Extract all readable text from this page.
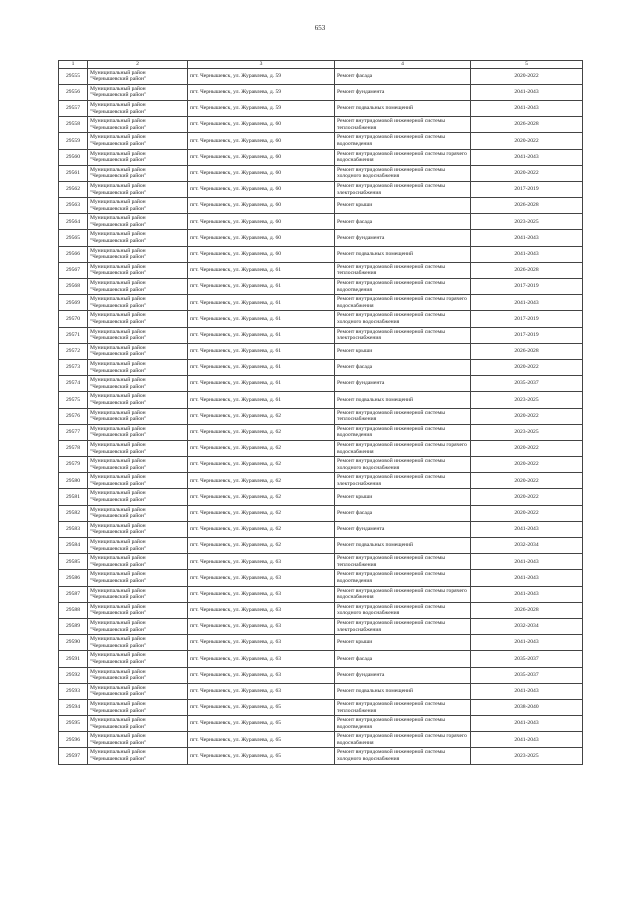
653
1	2	3	4	5
29555	Муниципальный район "Чернышевский район"	пгт. Чернышевск, ул. Журавлева, д. 59	Ремонт фасада	2020-2022
29556	Муниципальный район "Чернышевский район"	пгт. Чернышевск, ул. Журавлева, д. 59	Ремонт фундамента	2041-2043
29557	Муниципальный район "Чернышевский район"	пгт. Чернышевск, ул. Журавлева, д. 59	Ремонт подвальных помещений	2041-2043
29558	Муниципальный район "Чернышевский район"	пгт. Чернышевск, ул. Журавлева, д. 60	Ремонт внутридомовой инженерной системы теплоснабжения	2026-2028
29559	Муниципальный район "Чернышевский район"	пгт. Чернышевск, ул. Журавлева, д. 60	Ремонт внутридомовой инженерной системы водоотведения	2020-2022
29560	Муниципальный район "Чернышевский район"	пгт. Чернышевск, ул. Журавлева, д. 60	Ремонт внутридомовой инженерной системы горячего водоснабжения	2041-2043
29561	Муниципальный район "Чернышевский район"	пгт. Чернышевск, ул. Журавлева, д. 60	Ремонт внутридомовой инженерной системы холодного водоснабжения	2020-2022
29562	Муниципальный район "Чернышевский район"	пгт. Чернышевск, ул. Журавлева, д. 60	Ремонт внутридомовой инженерной системы электроснабжения	2017-2019
29563	Муниципальный район "Чернышевский район"	пгт. Чернышевск, ул. Журавлева, д. 60	Ремонт крыши	2026-2028
29564	Муниципальный район "Чернышевский район"	пгт. Чернышевск, ул. Журавлева, д. 60	Ремонт фасада	2023-2025
29565	Муниципальный район "Чернышевский район"	пгт. Чернышевск, ул. Журавлева, д. 60	Ремонт фундамента	2041-2043
29566	Муниципальный район "Чернышевский район"	пгт. Чернышевск, ул. Журавлева, д. 60	Ремонт подвальных помещений	2041-2043
29567	Муниципальный район "Чернышевский район"	пгт. Чернышевск, ул. Журавлева, д. 61	Ремонт внутридомовой инженерной системы теплоснабжения	2026-2028
29568	Муниципальный район "Чернышевский район"	пгт. Чернышевск, ул. Журавлева, д. 61	Ремонт внутридомовой инженерной системы водоотведения	2017-2019
29569	Муниципальный район "Чернышевский район"	пгт. Чернышевск, ул. Журавлева, д. 61	Ремонт внутридомовой инженерной системы горячего водоснабжения	2041-2043
29570	Муниципальный район "Чернышевский район"	пгт. Чернышевск, ул. Журавлева, д. 61	Ремонт внутридомовой инженерной системы холодного водоснабжения	2017-2019
29571	Муниципальный район "Чернышевский район"	пгт. Чернышевск, ул. Журавлева, д. 61	Ремонт внутридомовой инженерной системы электроснабжения	2017-2019
29572	Муниципальный район "Чернышевский район"	пгт. Чернышевск, ул. Журавлева, д. 61	Ремонт крыши	2026-2028
29573	Муниципальный район "Чернышевский район"	пгт. Чернышевск, ул. Журавлева, д. 61	Ремонт фасада	2020-2022
29574	Муниципальный район "Чернышевский район"	пгт. Чернышевск, ул. Журавлева, д. 61	Ремонт фундамента	2035-2037
29575	Муниципальный район "Чернышевский район"	пгт. Чернышевск, ул. Журавлева, д. 61	Ремонт подвальных помещений	2023-2025
29576	Муниципальный район "Чернышевский район"	пгт. Чернышевск, ул. Журавлева, д. 62	Ремонт внутридомовой инженерной системы теплоснабжения	2020-2022
29577	Муниципальный район "Чернышевский район"	пгт. Чернышевск, ул. Журавлева, д. 62	Ремонт внутридомовой инженерной системы водоотведения	2023-2025
29578	Муниципальный район "Чернышевский район"	пгт. Чернышевск, ул. Журавлева, д. 62	Ремонт внутридомовой инженерной системы горячего водоснабжения	2020-2022
29579	Муниципальный район "Чернышевский район"	пгт. Чернышевск, ул. Журавлева, д. 62	Ремонт внутридомовой инженерной системы холодного водоснабжения	2020-2022
29580	Муниципальный район "Чернышевский район"	пгт. Чернышевск, ул. Журавлева, д. 62	Ремонт внутридомовой инженерной системы электроснабжения	2020-2022
29581	Муниципальный район "Чернышевский район"	пгт. Чернышевск, ул. Журавлева, д. 62	Ремонт крыши	2020-2022
29582	Муниципальный район "Чернышевский район"	пгт. Чернышевск, ул. Журавлева, д. 62	Ремонт фасада	2020-2022
29583	Муниципальный район "Чернышевский район"	пгт. Чернышевск, ул. Журавлева, д. 62	Ремонт фундамента	2041-2043
29584	Муниципальный район "Чернышевский район"	пгт. Чернышевск, ул. Журавлева, д. 62	Ремонт подвальных помещений	2032-2034
29585	Муниципальный район "Чернышевский район"	пгт. Чернышевск, ул. Журавлева, д. 63	Ремонт внутридомовой инженерной системы теплоснабжения	2041-2043
29586	Муниципальный район "Чернышевский район"	пгт. Чернышевск, ул. Журавлева, д. 63	Ремонт внутридомовой инженерной системы водоотведения	2041-2043
29587	Муниципальный район "Чернышевский район"	пгт. Чернышевск, ул. Журавлева, д. 63	Ремонт внутридомовой инженерной системы горячего водоснабжения	2041-2043
29588	Муниципальный район "Чернышевский район"	пгт. Чернышевск, ул. Журавлева, д. 63	Ремонт внутридомовой инженерной системы холодного водоснабжения	2026-2028
29589	Муниципальный район "Чернышевский район"	пгт. Чернышевск, ул. Журавлева, д. 63	Ремонт внутридомовой инженерной системы электроснабжения	2032-2034
29590	Муниципальный район "Чернышевский район"	пгт. Чернышевск, ул. Журавлева, д. 63	Ремонт крыши	2041-2043
29591	Муниципальный район "Чернышевский район"	пгт. Чернышевск, ул. Журавлева, д. 63	Ремонт фасада	2035-2037
29592	Муниципальный район "Чернышевский район"	пгт. Чернышевск, ул. Журавлева, д. 63	Ремонт фундамента	2035-2037
29593	Муниципальный район "Чернышевский район"	пгт. Чернышевск, ул. Журавлева, д. 63	Ремонт подвальных помещений	2041-2043
29594	Муниципальный район "Чернышевский район"	пгт. Чернышевск, ул. Журавлева, д. 65	Ремонт внутридомовой инженерной системы теплоснабжения	2038-2040
29595	Муниципальный район "Чернышевский район"	пгт. Чернышевск, ул. Журавлева, д. 65	Ремонт внутридомовой инженерной системы водоотведения	2041-2043
29596	Муниципальный район "Чернышевский район"	пгт. Чернышевск, ул. Журавлева, д. 65	Ремонт внутридомовой инженерной системы горячего водоснабжения	2041-2043
29597	Муниципальный район "Чернышевский район"	пгт. Чернышевск, ул. Журавлева, д. 65	Ремонт внутридомовой инженерной системы холодного водоснабжения	2023-2025
